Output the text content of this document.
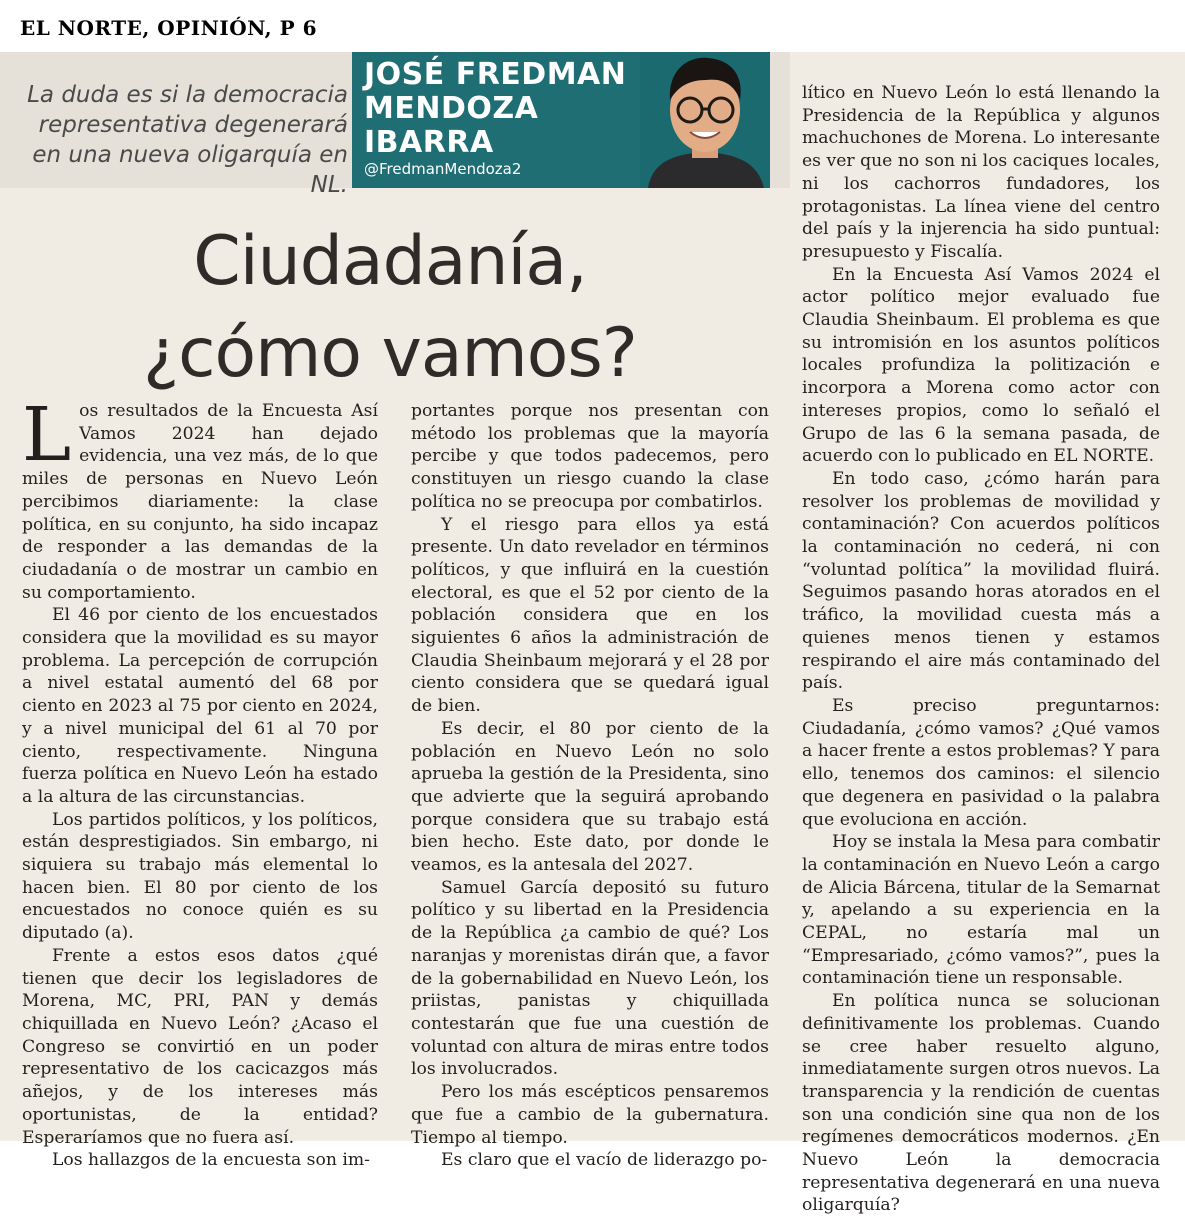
EL NORTE, OPINIÓN, P 6
La duda es si la democracia representativa degenerará en una nueva oligarquía en NL.
JOSÉ FREDMAN
MENDOZA
IBARRA
@FredmanMendoza2
Ciudadanía,
¿cómo vamos?

Los resultados de la Encuesta Así Vamos 2024 han dejado evidencia, una vez más, de lo que miles de personas en Nuevo León percibimos diariamente: la clase política, en su conjunto, ha sido incapaz de responder a las demandas de la ciudadanía o de mostrar un cambio en su comportamiento.

El 46 por ciento de los encuestados considera que la movilidad es su mayor problema. La percepción de corrupción a nivel estatal aumentó del 68 por ciento en 2023 al 75 por ciento en 2024, y a nivel municipal del 61 al 70 por ciento, respectivamente. Ninguna fuerza política en Nuevo León ha estado a la altura de las circunstancias.

Los partidos políticos, y los políticos, están desprestigiados. Sin embargo, ni siquiera su trabajo más elemental lo hacen bien. El 80 por ciento de los encuestados no conoce quién es su diputado (a).

Frente a estos esos datos ¿qué tienen que decir los legisladores de Morena, MC, PRI, PAN y demás chiquillada en Nuevo León? ¿Acaso el Congreso se convirtió en un poder representativo de los cacicazgos más añejos, y de los intereses más oportunistas, de la entidad? Esperaríamos que no fuera así.

Los hallazgos de la encuesta son im-

portantes porque nos presentan con método los problemas que la mayoría percibe y que todos padecemos, pero constituyen un riesgo cuando la clase política no se preocupa por combatirlos.

Y el riesgo para ellos ya está presente. Un dato revelador en términos políticos, y que influirá en la cuestión electoral, es que el 52 por ciento de la población considera que en los siguientes 6 años la administración de Claudia Sheinbaum mejorará y el 28 por ciento considera que se quedará igual de bien.

Es decir, el 80 por ciento de la población en Nuevo León no solo aprueba la gestión de la Presidenta, sino que advierte que la seguirá aprobando porque considera que su trabajo está bien hecho. Este dato, por donde le veamos, es la antesala del 2027.

Samuel García depositó su futuro político y su libertad en la Presidencia de la República ¿a cambio de qué? Los naranjas y morenistas dirán que, a favor de la gobernabilidad en Nuevo León, los priistas, panistas y chiquillada contestarán que fue una cuestión de voluntad con altura de miras entre todos los involucrados.

Pero los más escépticos pensaremos que fue a cambio de la gubernatura. Tiempo al tiempo.

Es claro que el vacío de liderazgo po-

lítico en Nuevo León lo está llenando la Presidencia de la República y algunos machuchones de Morena. Lo interesante es ver que no son ni los caciques locales, ni los cachorros fundadores, los protagonistas. La línea viene del centro del país y la injerencia ha sido puntual: presupuesto y Fiscalía.

En la Encuesta Así Vamos 2024 el actor político mejor evaluado fue Claudia Sheinbaum. El problema es que su intromisión en los asuntos políticos locales profundiza la politización e incorpora a Morena como actor con intereses propios, como lo señaló el Grupo de las 6 la semana pasada, de acuerdo con lo publicado en EL NORTE.

En todo caso, ¿cómo harán para resolver los problemas de movilidad y contaminación? Con acuerdos políticos la contaminación no cederá, ni con “voluntad política” la movilidad fluirá. Seguimos pasando horas atorados en el tráfico, la movilidad cuesta más a quienes menos tienen y estamos respirando el aire más contaminado del país.

Es preciso preguntarnos: Ciudadanía, ¿cómo vamos? ¿Qué vamos a hacer frente a estos problemas? Y para ello, tenemos dos caminos: el silencio que degenera en pasividad o la palabra que evoluciona en acción.

Hoy se instala la Mesa para combatir la contaminación en Nuevo León a cargo de Alicia Bárcena, titular de la Semarnat y, apelando a su experiencia en la CEPAL, no estaría mal un “Empresariado, ¿cómo vamos?”, pues la contaminación tiene un responsable.

En política nunca se solucionan definitivamente los problemas. Cuando se cree haber resuelto alguno, inmediatamente surgen otros nuevos. La transparencia y la rendición de cuentas son una condición sine qua non de los regímenes democráticos modernos. ¿En Nuevo León la democracia representativa degenerará en una nueva oligarquía?
